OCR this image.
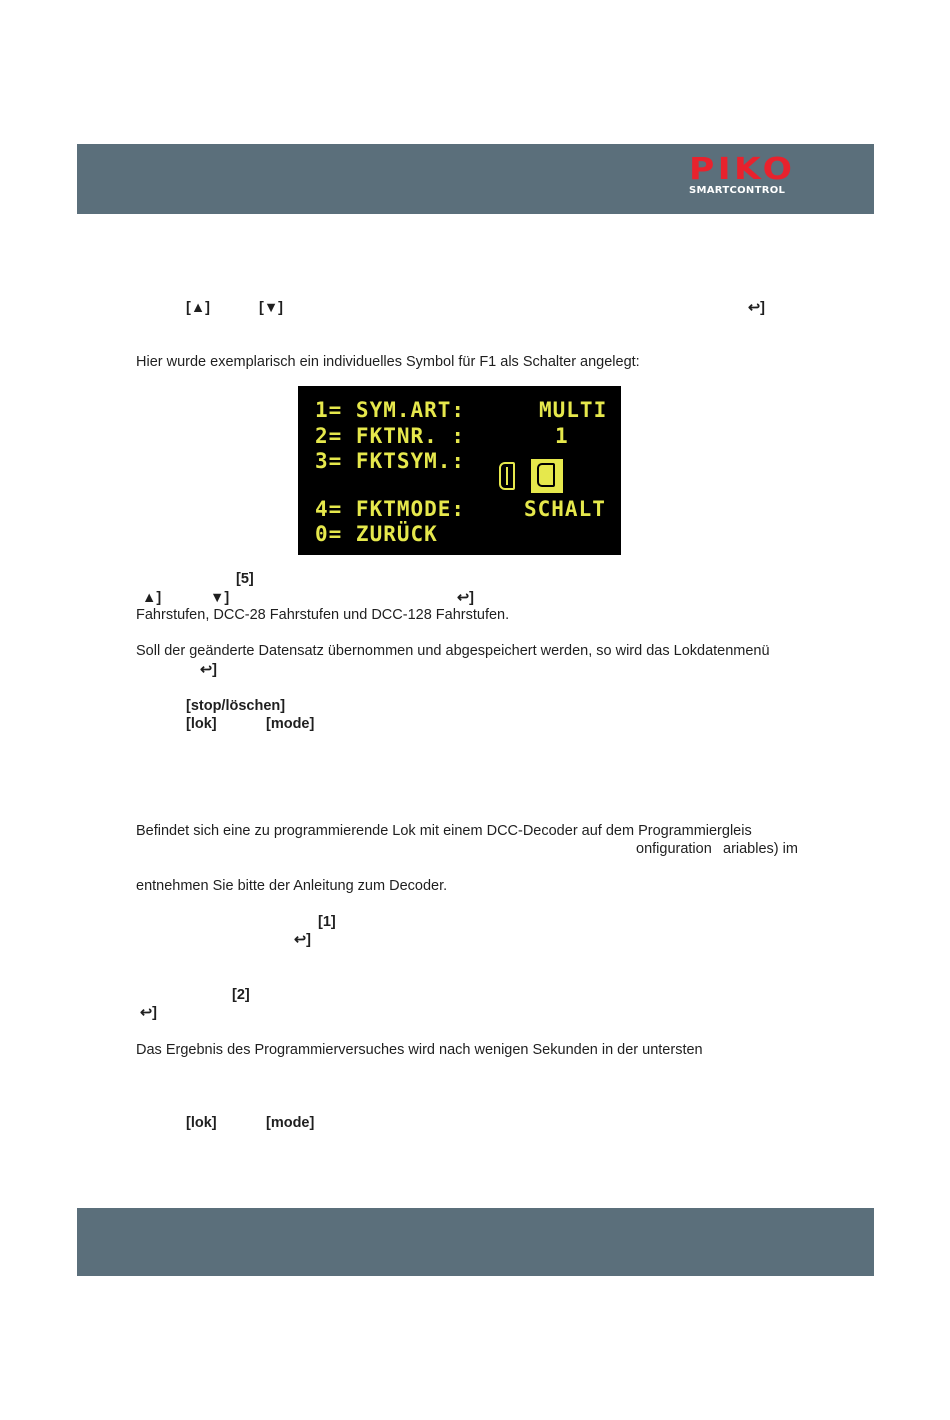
PIKO
SMARTCONTROL
[▲]	[▼]	↩]
Hier wurde exemplarisch ein individuelles Symbol für F1 als Schalter angelegt:
1= SYM.ART:	MULTI
2= FKTNR. :	1
3= FKTSYM.:
4= FKTMODE:	SCHALT
0= ZURÜCK
[5]
▲]	▼]	↩]
Fahrstufen, DCC-28 Fahrstufen und DCC-128 Fahrstufen.
Soll der geänderte Datensatz übernommen und abgespeichert werden, so wird das Lokdatenmenü
↩]
[stop/löschen]
[lok]	[mode]
Befindet sich eine zu programmierende Lok mit einem DCC-Decoder auf dem Programmiergleis
onfiguration ariables) im
entnehmen Sie bitte der Anleitung zum Decoder.
[1]
↩]
[2]
↩]
Das Ergebnis des Programmierversuches wird nach wenigen Sekunden in der untersten
[lok]	[mode]
